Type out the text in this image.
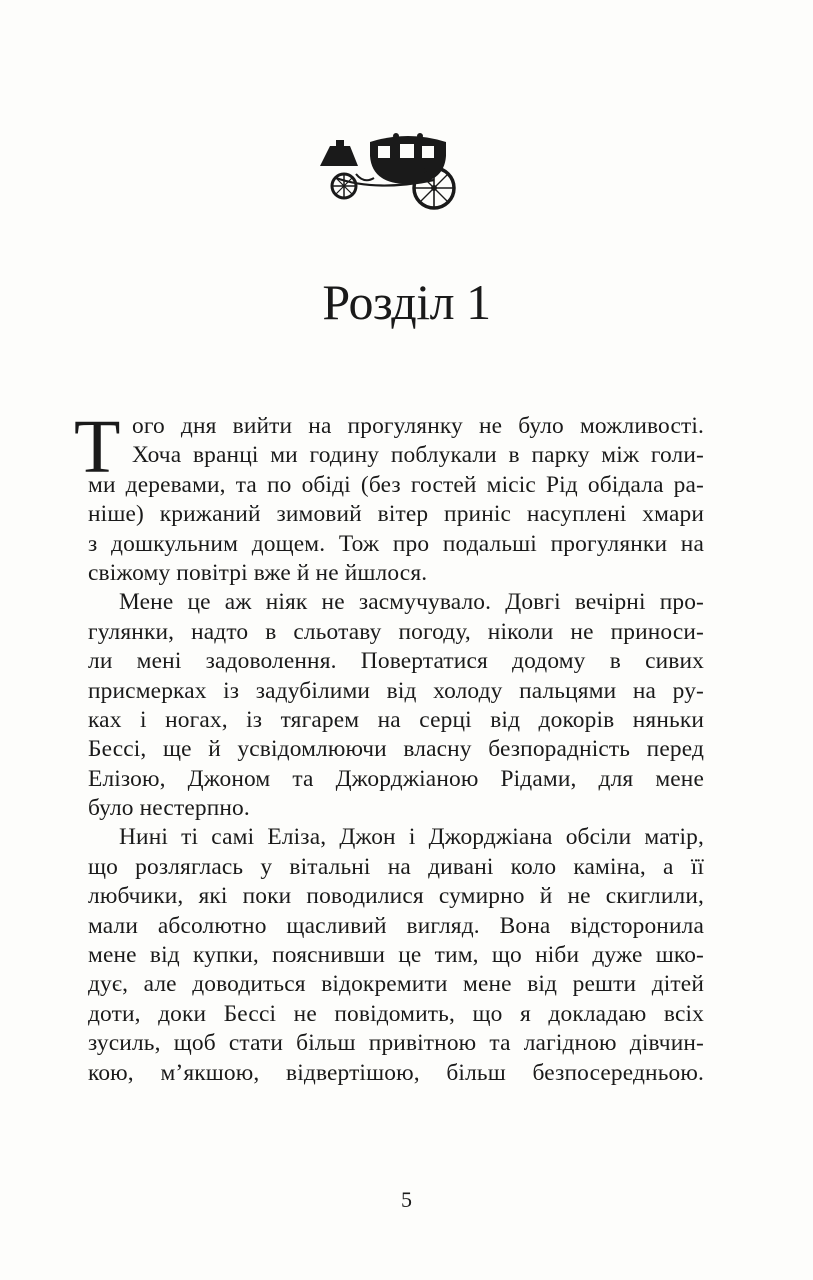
Розділ 1
Т ого дня вийти на прогулянку не було можливості.
Хоча вранці ми годину поблукали в парку між голи-
ми деревами, та по обіді (без гостей місіс Рід обідала ра-
ніше) крижаний зимовий вітер приніс насуплені хмари
з дошкульним дощем. Тож про подальші прогулянки на
свіжому повітрі вже й не йшлося.
Мене це аж ніяк не засмучувало. Довгі вечірні про-
гулянки, надто в сльотаву погоду, ніколи не приноси-
ли мені задоволення. Повертатися додому в сивих
присмерках із задубілими від холоду пальцями на ру-
ках і ногах, із тягарем на серці від докорів няньки
Бессі, ще й усвідомлюючи власну безпорадність перед
Елізою, Джоном та Джорджіаною Рідами, для мене
було нестерпно.
Нині ті самі Еліза, Джон і Джорджіана обсіли матір,
що розляглась у вітальні на дивані коло каміна, а її
любчики, які поки поводилися сумирно й не скиглили,
мали абсолютно щасливий вигляд. Вона відсторонила
мене від купки, пояснивши це тим, що ніби дуже шко-
дує, але доводиться відокремити мене від решти дітей
доти, доки Бессі не повідомить, що я докладаю всіх
зусиль, щоб стати більш привітною та лагідною дівчин-
кою, м’якшою, відвертішою, більш безпосередньою.
5
